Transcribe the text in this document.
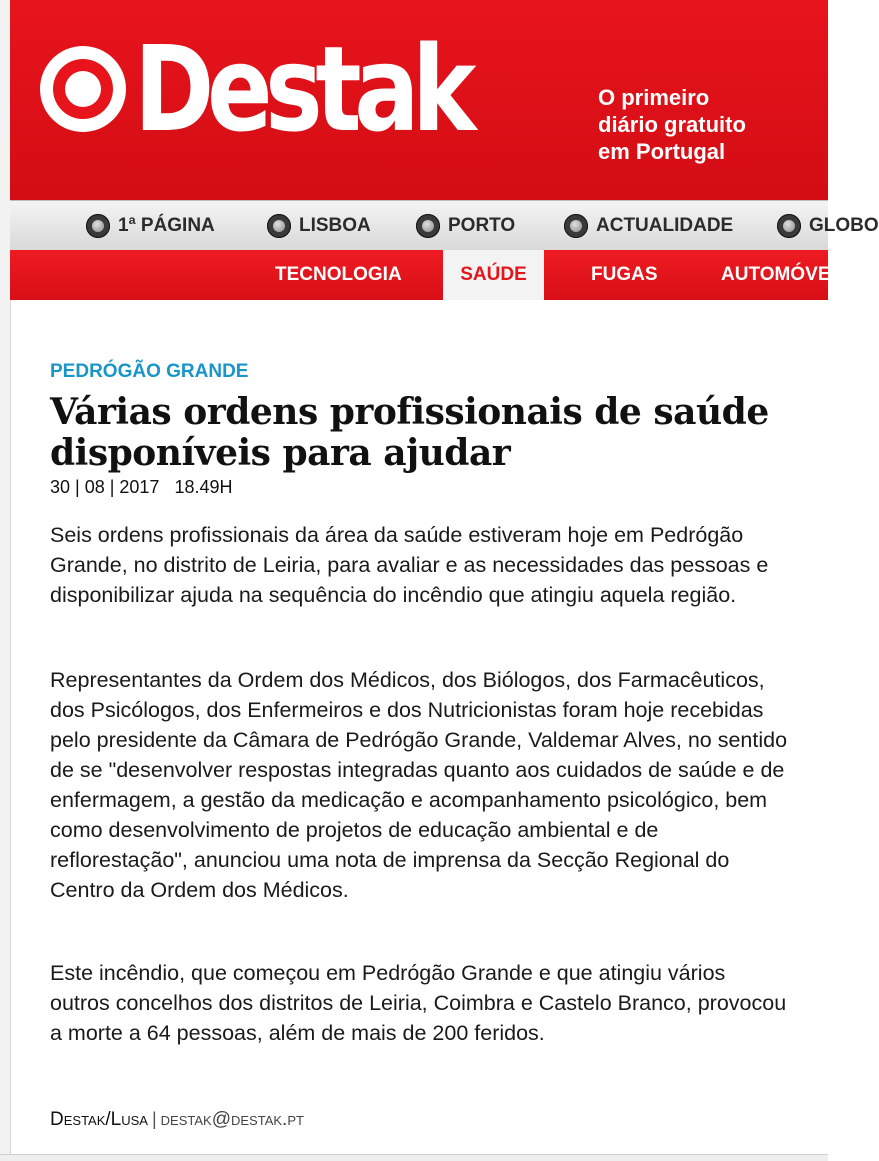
Destak	O primeiro
diário gratuito
em Portugal
1ª PÁGINA	LISBOA	PORTO	ACTUALIDADE	GLOBO
TECNOLOGIA	SAÚDE	FUGAS	AUTOMÓVEIS
PEDRÓGÃO GRANDE
Várias ordens profissionais de saúde disponíveis para ajudar
30 | 08 | 2017 18.49H

Seis ordens profissionais da área da saúde estiveram hoje em Pedrógão Grande, no distrito de Leiria, para avaliar e as necessidades das pessoas e disponibilizar ajuda na sequência do incêndio que atingiu aquela região.

Representantes da Ordem dos Médicos, dos Biólogos, dos Farmacêuticos, dos Psicólogos, dos Enfermeiros e dos Nutricionistas foram hoje recebidas pelo presidente da Câmara de Pedrógão Grande, Valdemar Alves, no sentido de se "desenvolver respostas integradas quanto aos cuidados de saúde e de enfermagem, a gestão da medicação e acompanhamento psicológico, bem como desenvolvimento de projetos de educação ambiental e de reflorestação", anunciou uma nota de imprensa da Secção Regional do Centro da Ordem dos Médicos.

Este incêndio, que começou em Pedrógão Grande e que atingiu vários outros concelhos dos distritos de Leiria, Coimbra e Castelo Branco, provocou a morte a 64 pessoas, além de mais de 200 feridos.

Destak/Lusa | destak@destak.pt
